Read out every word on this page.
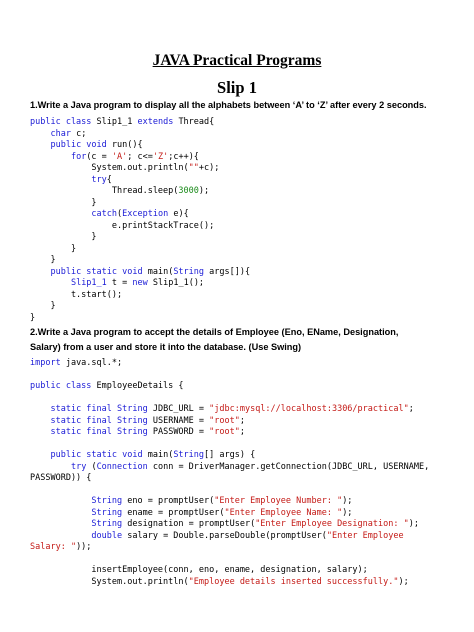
JAVA Practical Programs
Slip 1
1.Write a Java program to display all the alphabets between ‘A’ to ‘Z’ after every 2 seconds.
public class Slip1_1 extends Thread{
char c;
public void run(){
for(c = 'A'; c<='Z';c++){
System.out.println(""+c);
try{
Thread.sleep(3000);
}
catch(Exception e){
e.printStackTrace();
}
}
}
public static void main(String args[]){
Slip1_1 t = new Slip1_1();
t.start();
}
}
2.Write a Java program to accept the details of Employee (Eno, EName, Designation,
Salary) from a user and store it into the database. (Use Swing)
import java.sql.*;
public class EmployeeDetails {
static final String JDBC_URL = "jdbc:mysql://localhost:3306/practical";
static final String USERNAME = "root";
static final String PASSWORD = "root";
public static void main(String[] args) {
try (Connection conn = DriverManager.getConnection(JDBC_URL, USERNAME,
PASSWORD)) {
String eno = promptUser("Enter Employee Number: ");
String ename = promptUser("Enter Employee Name: ");
String designation = promptUser("Enter Employee Designation: ");
double salary = Double.parseDouble(promptUser("Enter Employee
Salary: "));
insertEmployee(conn, eno, ename, designation, salary);
System.out.println("Employee details inserted successfully.");
